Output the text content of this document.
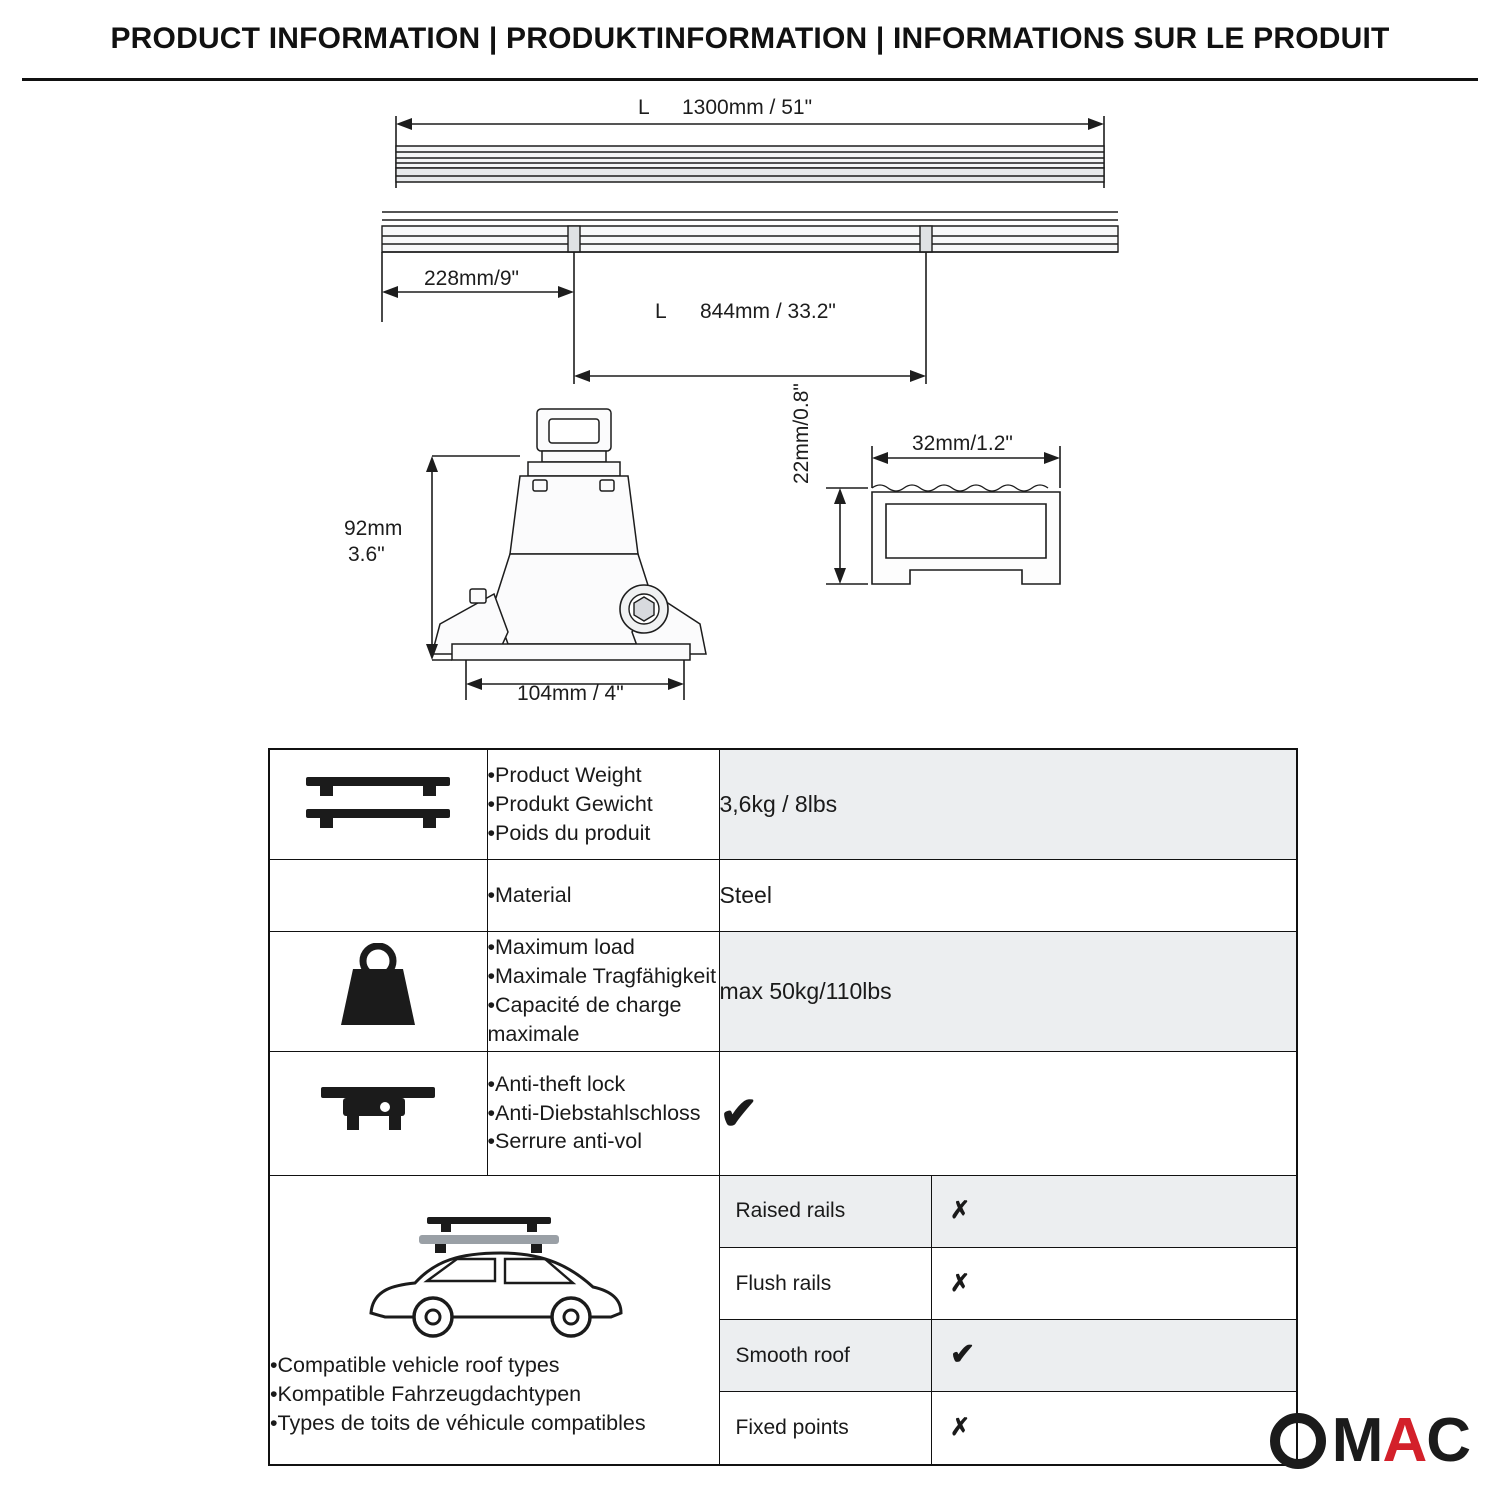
PRODUCT INFORMATION | PRODUKTINFORMATION | INFORMATIONS SUR LE PRODUIT
L 1300mm / 51"
228mm/9"
L 844mm / 33.2"
92mm
3.6"
104mm / 4"
32mm/1.2"
22mm/0.8"

•Product Weight
•Produkt Gewicht
•Poids du produit
	3,6kg / 8lbs

•Material	Steel

•Maximum load
•Maximale Tragfähigkeit
•Capacité de charge maximale
	max 50kg/110lbs

•Anti-theft lock
•Anti-Diebstahlschloss
•Serrure anti-vol
	✔

•Compatible vehicle roof types
•Kompatible Fahrzeugdachtypen
•Types de toits de véhicule compatibles

Raised rails	✗
Flush rails	✗
Smooth roof	✔
Fixed points	✗	M A C
